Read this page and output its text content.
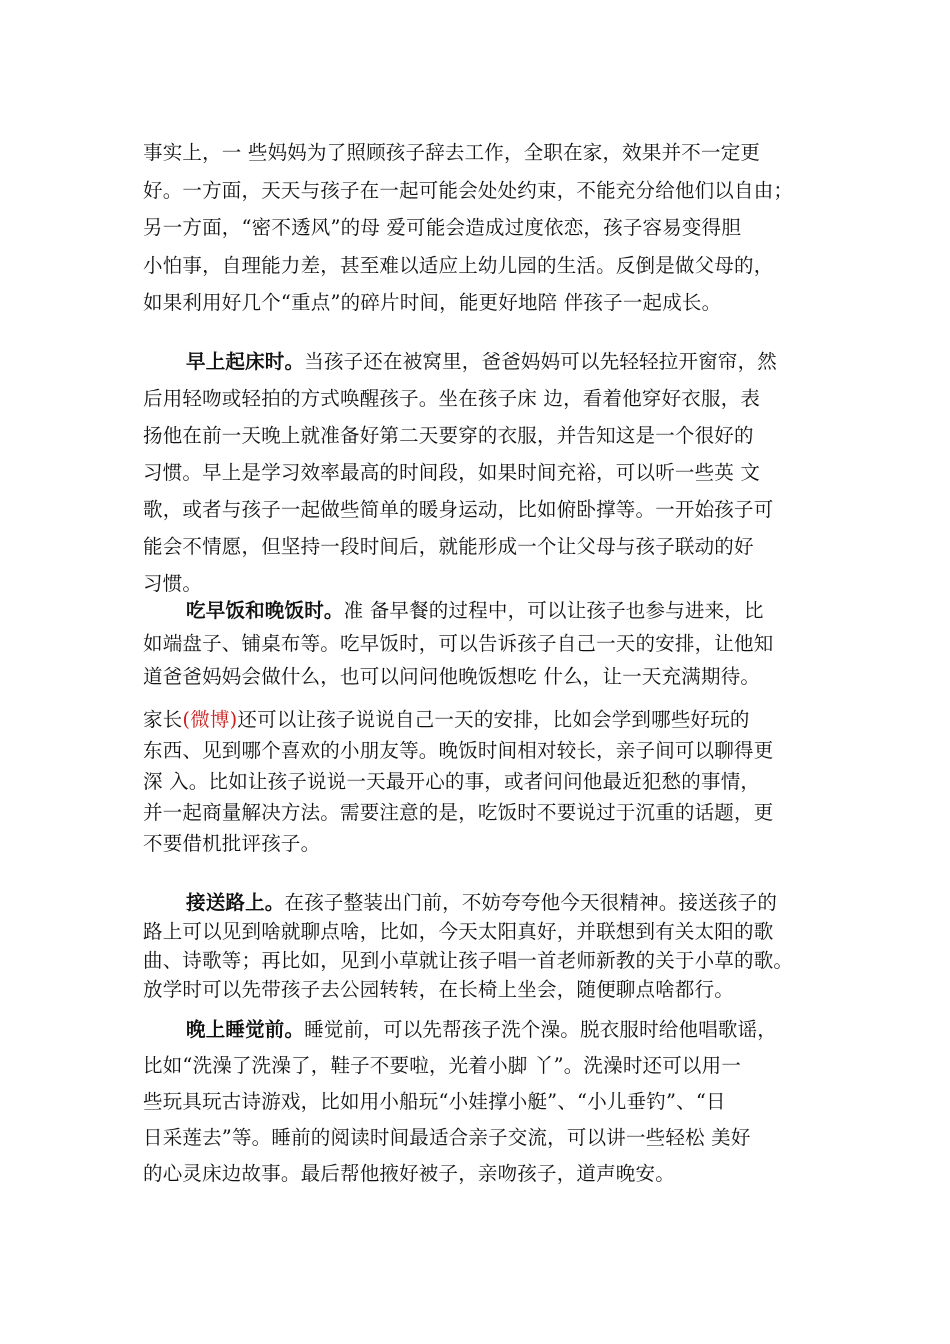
事实上，一 些妈妈为了照顾孩子辞去工作，全职在家，效果并不一定更
好。一方面，天天与孩子在一起可能会处处约束，不能充分给他们以自由；
另一方面，“密不透风”的母 爱可能会造成过度依恋，孩子容易变得胆
小怕事，自理能力差，甚至难以适应上幼儿园的生活。反倒是做父母的，
如果利用好几个“重点”的碎片时间，能更好地陪 伴孩子一起成长。
早上起床时。当孩子还在被窝里，爸爸妈妈可以先轻轻拉开窗帘，然
后用轻吻或轻拍的方式唤醒孩子。坐在孩子床 边，看着他穿好衣服，表
扬他在前一天晚上就准备好第二天要穿的衣服，并告知这是一个很好的
习惯。早上是学习效率最高的时间段，如果时间充裕，可以听一些英 文
歌，或者与孩子一起做些简单的暖身运动，比如俯卧撑等。一开始孩子可
能会不情愿，但坚持一段时间后，就能形成一个让父母与孩子联动的好
习惯。
吃早饭和晚饭时。准 备早餐的过程中，可以让孩子也参与进来，比
如端盘子、铺桌布等。吃早饭时，可以告诉孩子自己一天的安排，让他知
道爸爸妈妈会做什么，也可以问问他晚饭想吃 什么，让一天充满期待。
家长(微博)还可以让孩子说说自己一天的安排，比如会学到哪些好玩的
东西、见到哪个喜欢的小朋友等。晚饭时间相对较长，亲子间可以聊得更
深 入。比如让孩子说说一天最开心的事，或者问问他最近犯愁的事情，
并一起商量解决方法。需要注意的是，吃饭时不要说过于沉重的话题，更
不要借机批评孩子。
接送路上。在孩子整装出门前，不妨夸夸他今天很精神。接送孩子的
路上可以见到啥就聊点啥，比如，今天太阳真好，并联想到有关太阳的歌
曲、诗歌等；再比如，见到小草就让孩子唱一首老师新教的关于小草的歌。
放学时可以先带孩子去公园转转，在长椅上坐会，随便聊点啥都行。
晚上睡觉前。睡觉前，可以先帮孩子洗个澡。脱衣服时给他唱歌谣，
比如“洗澡了洗澡了，鞋子不要啦，光着小脚 丫”。洗澡时还可以用一
些玩具玩古诗游戏，比如用小船玩“小娃撑小艇”、“小儿垂钓”、“日
日采莲去”等。睡前的阅读时间最适合亲子交流，可以讲一些轻松 美好
的心灵床边故事。最后帮他掖好被子，亲吻孩子，道声晚安。
